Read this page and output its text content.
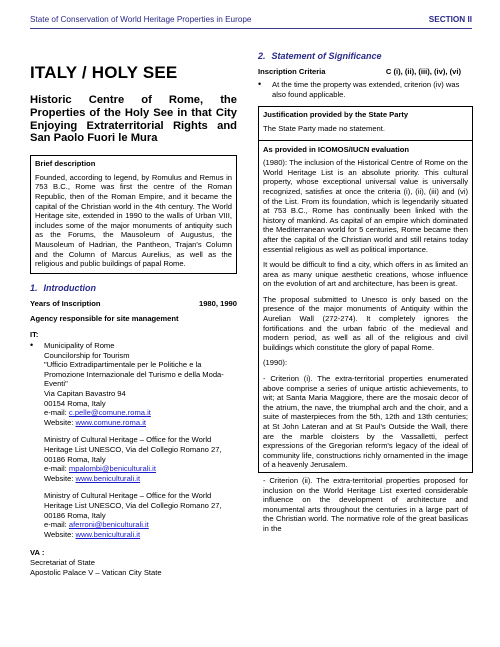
State of Conservation of World Heritage Properties in Europe	SECTION II
ITALY / HOLY SEE
Historic Centre of Rome, the Properties of the Holy See in that City Enjoying Extraterritorial Rights and San Paolo Fuori le Mura
Brief description
Founded, according to legend, by Romulus and Remus in 753 B.C., Rome was first the centre of the Roman Republic, then of the Roman Empire, and it became the capital of the Christian world in the 4th century. The World Heritage site, extended in 1990 to the walls of Urban VIII, includes some of the major monuments of antiquity such as the Forums, the Mausoleum of Augustus, the Mausoleum of Hadrian, the Pantheon, Trajan's Column and the Column of Marcus Aurelius, as well as the religious and public buildings of papal Rome.
1. Introduction
Years of Inscription	1980, 1990
Agency responsible for site management
IT:
•	Municipality of Rome
Councilorship for Tourism
"Ufficio Extradipartimentale per le Politiche e la Promozione Internazionale del Turismo e della Moda-Eventi"
Via Capitan Bavastro 94
00154 Roma, Italy
e-mail: c.pelle@comune.roma.it
Website: www.comune.roma.it
Ministry of Cultural Heritage – Office for the World Heritage List UNESCO, Via del Collegio Romano 27, 00186 Roma, Italy
e-mail: mpalombi@beniculturali.it
Website: www.beniculturali.it
Ministry of Cultural Heritage – Office for the World Heritage List UNESCO, Via del Collegio Romano 27, 00186 Roma, Italy
e-mail: aferroni@beniculturali.it
Website: www.beniculturali.it
VA :
Secretariat of State
Apostolic Palace V – Vatican City State
2. Statement of Significance
Inscription Criteria	C (i), (ii), (iii), (iv), (vi)
•	At the time the property was extended, criterion (iv) was also found applicable.
Justification provided by the State Party

The State Party made no statement.

As provided in ICOMOS/IUCN evaluation

(1980): The inclusion of the Historical Centre of Rome on the World Heritage List is an absolute priority. This cultural property, whose exceptional universal value is universally recognized, satisfies at once the criteria (i), (ii), (iii) and (vi) of the List. From its foundation, which is legendarily situated at 753 B.C., Rome has continually been linked with the history of mankind. As capital of an empire which dominated the Mediterranean world for 5 centuries, Rome became then after the capital of the Christian world and still retains today essential religious as well as political importance.

It would be difficult to find a city, which offers in as limited an area as many unique aesthetic creations, whose influence on the evolution of art and architecture, has been is great.

The proposal submitted to Unesco is only based on the presence of the major monuments of Antiquity within the Aurelian Wall (272-274). It completely ignores the fortifications and the urban fabric of the medieval and modern period, as well as all of the religious and civil buildings which constitute the glory of papal Rome.

(1990):

- Criterion (i). The extra-territorial properties enumerated above comprise a series of unique artistic achievements, to wit; at Santa Maria Maggiore, there are the mosaic decor of the atrium, the nave, the triumphal arch and the choir, and a suite of masterpieces from the 5th, 12th and 13th centuries; at St John Lateran and at St Paul's Outside the Wall, there are the marble cloisters by the Vassalletti, perfect expressions of the Gregorian reform's legacy of the ideal of community life, constructions richly ornamented in the image of a heavenly Jerusalem.

- Criterion (ii). The extra-territorial properties proposed for inclusion on the World Heritage List exerted considerable influence on the development of architecture and monumental arts throughout the centuries in a large part of the Christian world. The normative role of the great basilicas in the
